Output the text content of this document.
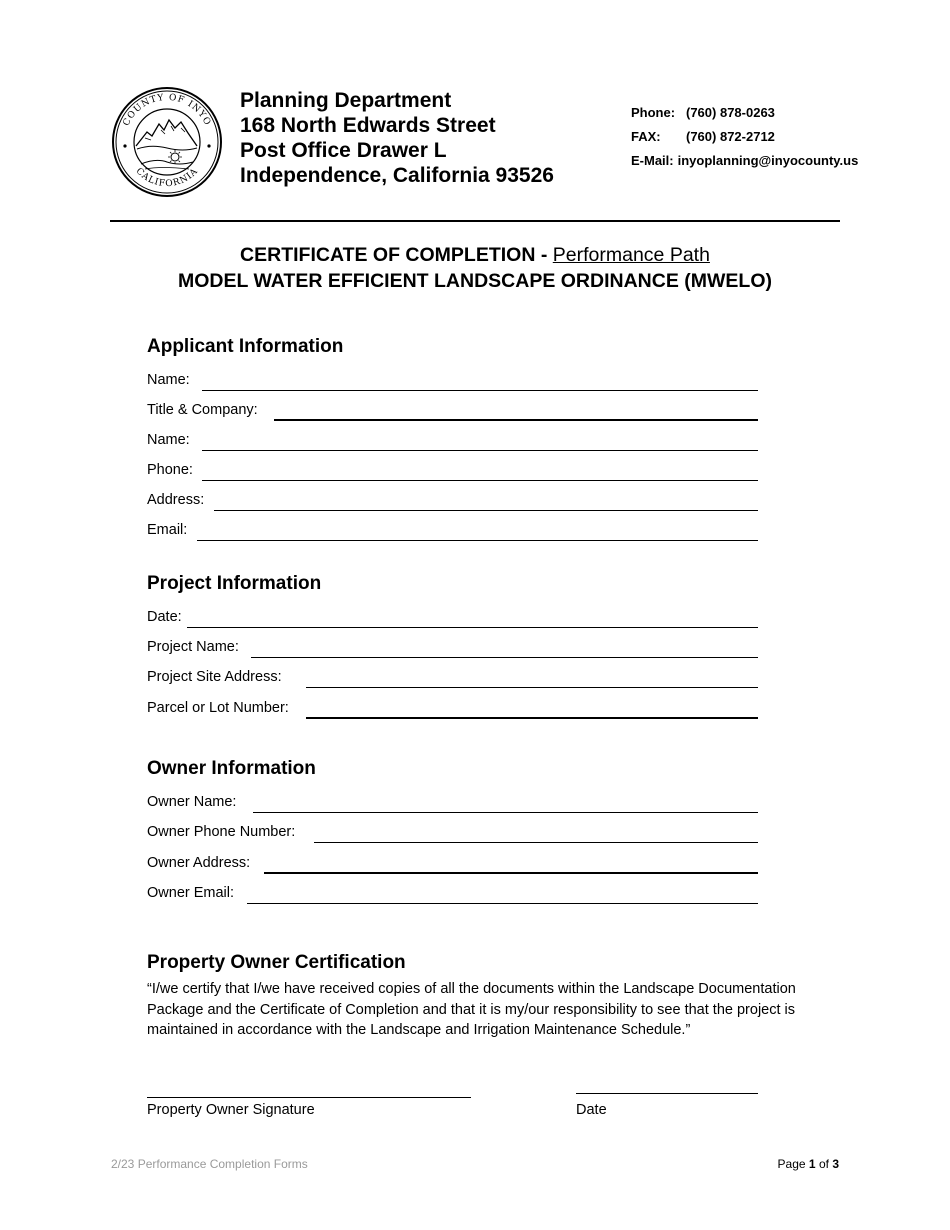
COUNTY OF INYO
CALIFORNIA
Planning Department
168 North Edwards Street
Post Office Drawer L
Independence, California 93526
Phone: (760) 878-0263
FAX:	(760) 872-2712
E-Mail: inyoplanning@inyocounty.us
CERTIFICATE OF COMPLETION - Performance Path
MODEL WATER EFFICIENT LANDSCAPE ORDINANCE (MWELO)
Applicant Information
Name:
Title & Company:
Name:
Phone:
Address:
Email:
Project Information
Date:
Project Name:
Project Site Address:
Parcel or Lot Number:
Owner Information
Owner Name:
Owner Phone Number:
Owner Address:
Owner Email:
Property Owner Certification
“I/we certify that I/we have received copies of all the documents within the Landscape Documentation Package and the Certificate of Completion and that it is my/our responsibility to see that the project is maintained in accordance with the Landscape and Irrigation Maintenance Schedule.”
Property Owner Signature	Date
2/23 Performance Completion Forms	Page 1 of 3
